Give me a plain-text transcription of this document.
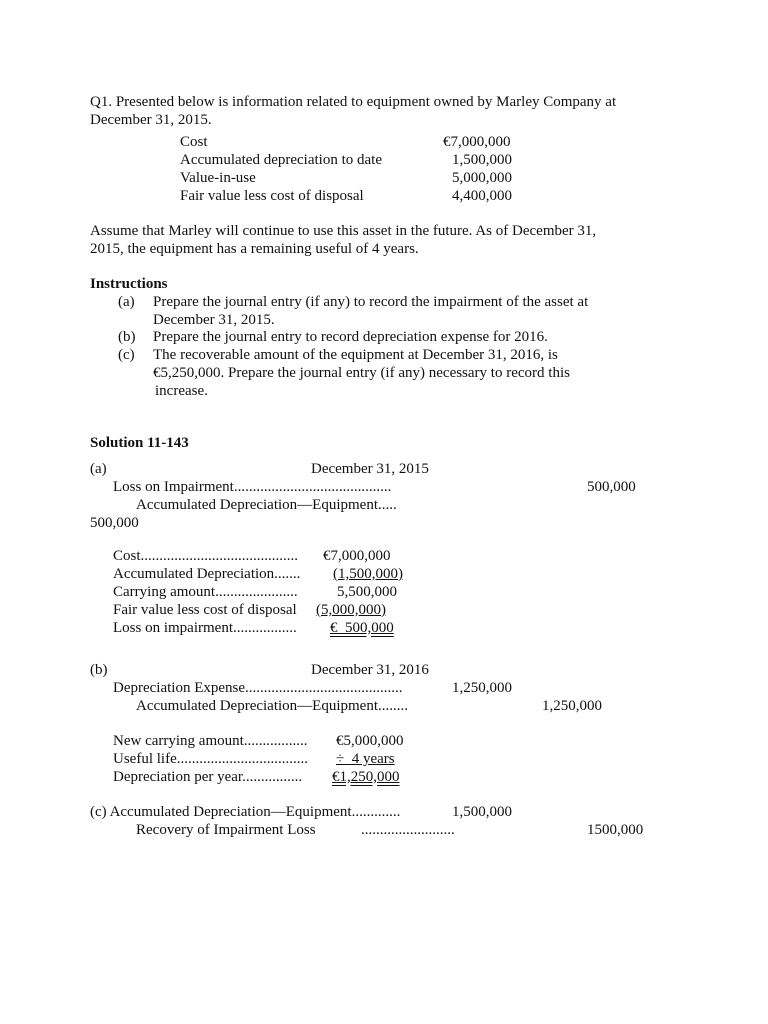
Q1. Presented below is information related to equipment owned by Marley Company at
December 31, 2015.
Cost	€7,000,000
Accumulated depreciation to date	1,500,000
Value-in-use	5,000,000
Fair value less cost of disposal	4,400,000
Assume that Marley will continue to use this asset in the future. As of December 31,
2015, the equipment has a remaining useful of 4 years.
Instructions
(a) Prepare the journal entry (if any) to record the impairment of the asset at
December 31, 2015.
(b) Prepare the journal entry to record depreciation expense for 2016.
(c) The recoverable amount of the equipment at December 31, 2016, is
€5,250,000. Prepare the journal entry (if any) necessary to record this
increase.
Solution 11-143
(a)	December 31, 2015
Loss on Impairment..........................................	500,000
Accumulated Depreciation––Equipment.....
500,000
Cost.......................................... €7,000,000
Accumulated Depreciation....... (1,500,000)
Carrying amount......................	5,500,000
Fair value less cost of disposal (5,000,000)
Loss on impairment................. €  500,000
(b)	December 31, 2016
Depreciation Expense..........................................	1,250,000
Accumulated Depreciation––Equipment........	1,250,000
New carrying amount................. €5,000,000
Useful life................................... ÷  4 years
Depreciation per year................ €1,250,000
(c) Accumulated Depreciation––Equipment.............	1,500,000
Recovery of Impairment Loss	.........................	1500,000
